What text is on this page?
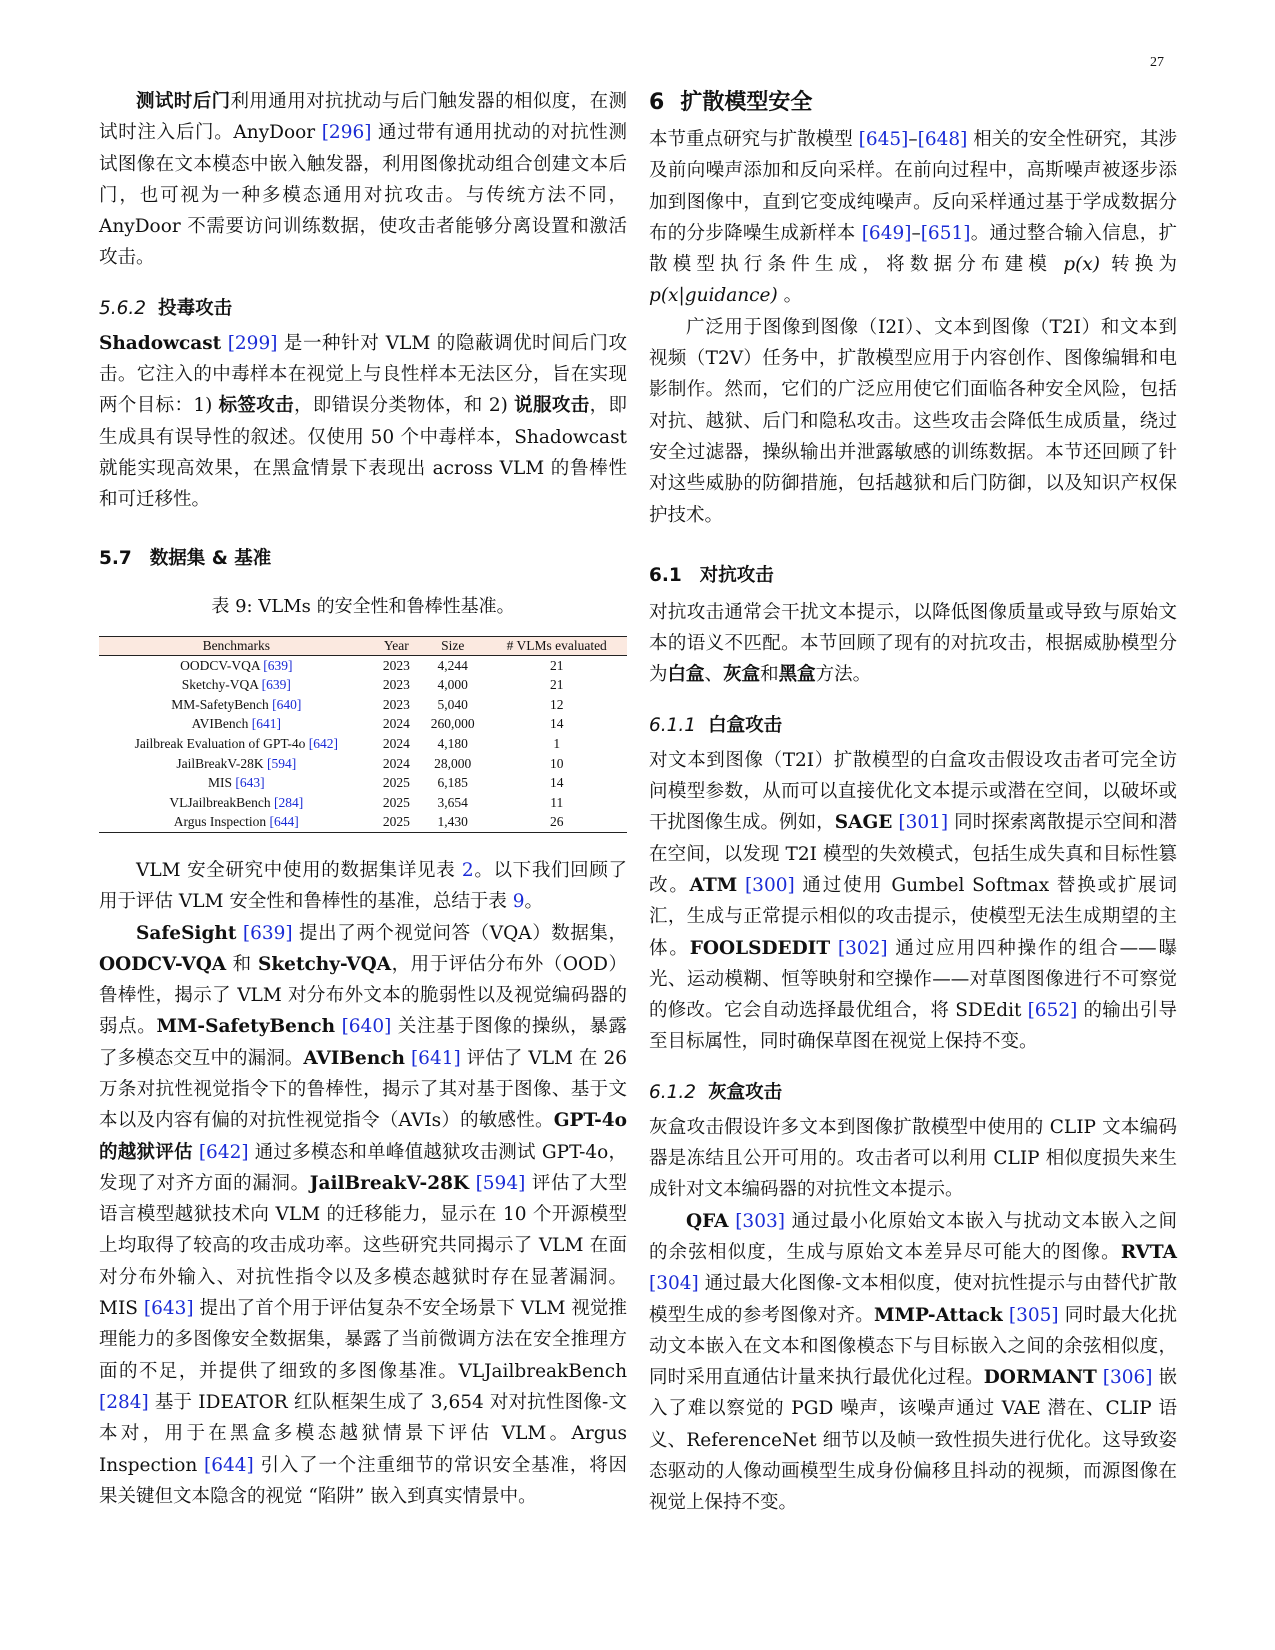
27

测试时后门利用通用对抗扰动与后门触发器的相似度，在测试时注入后门。AnyDoor [296] 通过带有通用扰动的对抗性测试图像在文本模态中嵌入触发器，利用图像扰动组合创建文本后门，也可视为一种多模态通用对抗攻击。与传统方法不同，AnyDoor 不需要访问训练数据，使攻击者能够分离设置和激活攻击。

5.6.2 投毒攻击

Shadowcast [299] 是一种针对 VLM 的隐蔽调优时间后门攻击。它注入的中毒样本在视觉上与良性样本无法区分，旨在实现两个目标：1) 标签攻击，即错误分类物体，和 2) 说服攻击，即生成具有误导性的叙述。仅使用 50 个中毒样本，Shadowcast 就能实现高效果，在黑盒情景下表现出 across VLM 的鲁棒性和可迁移性。

5.7 数据集 & 基准
表 9: VLMs 的安全性和鲁棒性基准。
Benchmarks	Year	Size	# VLMs evaluated
OODCV-VQA [639]	2023	4,244	21
Sketchy-VQA [639]	2023	4,000	21
MM-SafetyBench [640]	2023	5,040	12
AVIBench [641]	2024	260,000	14
Jailbreak Evaluation of GPT-4o [642]	2024	4,180	1
JailBreakV-28K [594]	2024	28,000	10
MIS [643]	2025	6,185	14
VLJailbreakBench [284]	2025	3,654	11
Argus Inspection [644]	2025	1,430	26

VLM 安全研究中使用的数据集详见表 2。以下我们回顾了用于评估 VLM 安全性和鲁棒性的基准，总结于表 9。

SafeSight [639] 提出了两个视觉问答（VQA）数据集，OODCV-VQA 和 Sketchy-VQA，用于评估分布外（OOD）鲁棒性，揭示了 VLM 对分布外文本的脆弱性以及视觉编码器的弱点。MM-SafetyBench [640] 关注基于图像的操纵，暴露了多模态交互中的漏洞。AVIBench [641] 评估了 VLM 在 26 万条对抗性视觉指令下的鲁棒性，揭示了其对基于图像、基于文本以及内容有偏的对抗性视觉指令（AVIs）的敏感性。GPT-4o 的越狱评估 [642] 通过多模态和单峰值越狱攻击测试 GPT-4o，发现了对齐方面的漏洞。JailBreakV-28K [594] 评估了大型语言模型越狱技术向 VLM 的迁移能力，显示在 10 个开源模型上均取得了较高的攻击成功率。这些研究共同揭示了 VLM 在面对分布外输入、对抗性指令以及多模态越狱时存在显著漏洞。MIS [643] 提出了首个用于评估复杂不安全场景下 VLM 视觉推理能力的多图像安全数据集，暴露了当前微调方法在安全推理方面的不足，并提供了细致的多图像基准。VLJailbreakBench [284] 基于 IDEATOR 红队框架生成了 3,654 对对抗性图像-文本对，用于在黑盒多模态越狱情景下评估 VLM。Argus Inspection [644] 引入了一个注重细节的常识安全基准，将因果关键但文本隐含的视觉 “陷阱” 嵌入到真实情景中。

6 扩散模型安全

本节重点研究与扩散模型 [645]–[648] 相关的安全性研究，其涉及前向噪声添加和反向采样。在前向过程中，高斯噪声被逐步添加到图像中，直到它变成纯噪声。反向采样通过基于学成数据分布的分步降噪生成新样本 [649]–[651]。通过整合输入信息，扩散模型执行条件生成，将数据分布建模 p(x) 转换为 p(x|guidance) 。

广泛用于图像到图像（I2I）、文本到图像（T2I）和文本到视频（T2V）任务中，扩散模型应用于内容创作、图像编辑和电影制作。然而，它们的广泛应用使它们面临各种安全风险，包括对抗、越狱、后门和隐私攻击。这些攻击会降低生成质量，绕过安全过滤器，操纵输出并泄露敏感的训练数据。本节还回顾了针对这些威胁的防御措施，包括越狱和后门防御，以及知识产权保护技术。

6.1 对抗攻击

对抗攻击通常会干扰文本提示，以降低图像质量或导致与原始文本的语义不匹配。本节回顾了现有的对抗攻击，根据威胁模型分为白盒、灰盒和黑盒方法。

6.1.1 白盒攻击

对文本到图像（T2I）扩散模型的白盒攻击假设攻击者可完全访问模型参数，从而可以直接优化文本提示或潜在空间，以破坏或干扰图像生成。例如，SAGE [301] 同时探索离散提示空间和潜在空间，以发现 T2I 模型的失效模式，包括生成失真和目标性篡改。ATM [300] 通过使用 Gumbel Softmax 替换或扩展词汇，生成与正常提示相似的攻击提示，使模型无法生成期望的主体。FOOLSDEDIT [302] 通过应用四种操作的组合——曝光、运动模糊、恒等映射和空操作——对草图图像进行不可察觉的修改。它会自动选择最优组合，将 SDEdit [652] 的输出引导至目标属性，同时确保草图在视觉上保持不变。

6.1.2 灰盒攻击

灰盒攻击假设许多文本到图像扩散模型中使用的 CLIP 文本编码器是冻结且公开可用的。攻击者可以利用 CLIP 相似度损失来生成针对文本编码器的对抗性文本提示。

QFA [303] 通过最小化原始文本嵌入与扰动文本嵌入之间的余弦相似度，生成与原始文本差异尽可能大的图像。RVTA [304] 通过最大化图像-文本相似度，使对抗性提示与由替代扩散模型生成的参考图像对齐。MMP-Attack [305] 同时最大化扰动文本嵌入在文本和图像模态下与目标嵌入之间的余弦相似度，同时采用直通估计量来执行最优化过程。DORMANT [306] 嵌入了难以察觉的 PGD 噪声，该噪声通过 VAE 潜在、CLIP 语义、ReferenceNet 细节以及帧一致性损失进行优化。这导致姿态驱动的人像动画模型生成身份偏移且抖动的视频，而源图像在视觉上保持不变。
